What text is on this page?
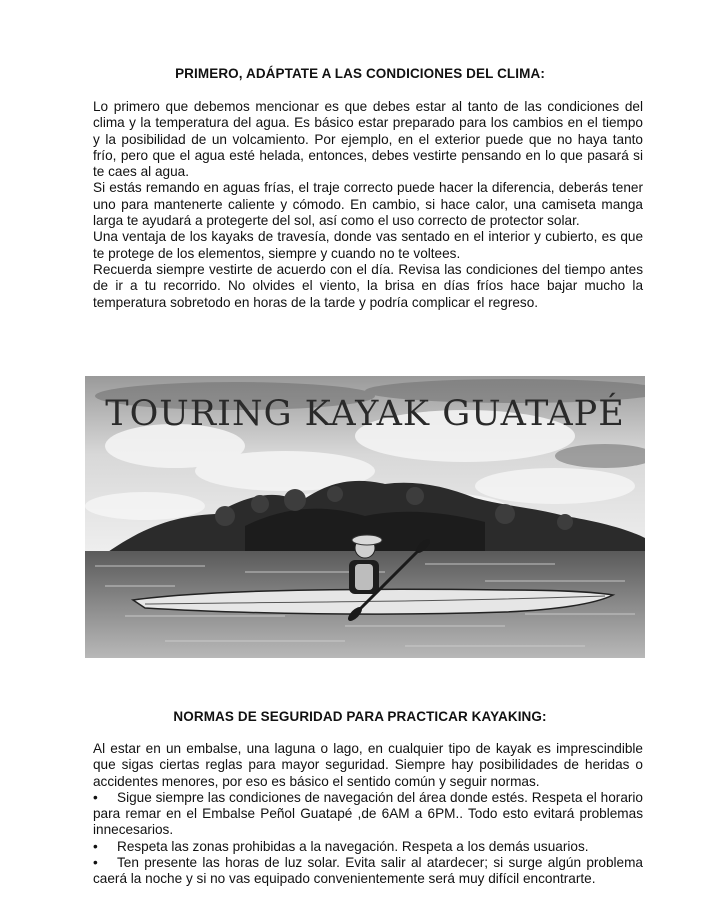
PRIMERO, ADÁPTATE A LAS CONDICIONES DEL CLIMA:

Lo primero que debemos mencionar es que debes estar al tanto de las condiciones del clima y la temperatura del agua. Es básico estar preparado para los cambios en el tiempo y la posibilidad de un volcamiento. Por ejemplo, en el exterior puede que no haya tanto frío, pero que el agua esté helada, entonces, debes vestirte pensando en lo que pasará si te caes al agua.

Si estás remando en aguas frías, el traje correcto puede hacer la diferencia, deberás tener uno para mantenerte caliente y cómodo. En cambio, si hace calor, una camiseta manga larga te ayudará a protegerte del sol, así como el uso correcto de protector solar.

Una ventaja de los kayaks de travesía, donde vas sentado en el interior y cubierto, es que te protege de los elementos, siempre y cuando no te voltees.

Recuerda siempre vestirte de acuerdo con el día. Revisa las condiciones del tiempo antes de ir a tu recorrido. No olvides el viento, la brisa en días fríos hace bajar mucho la temperatura sobretodo en horas de la tarde y podría complicar el regreso.

TOURING KAYAK GUATAPÉ
NORMAS DE SEGURIDAD PARA PRACTICAR KAYAKING:

Al estar en un embalse, una laguna o lago, en cualquier tipo de kayak es imprescindible que sigas ciertas reglas para mayor seguridad. Siempre hay posibilidades de heridas o accidentes menores, por eso es básico el sentido común y seguir normas.

• Sigue siempre las condiciones de navegación del área donde estés. Respeta el horario para remar en el Embalse Peñol Guatapé ,de 6AM a 6PM.. Todo esto evitará problemas innecesarios.

• Respeta las zonas prohibidas a la navegación. Respeta a los demás usuarios.

• Ten presente las horas de luz solar. Evita salir al atardecer; si surge algún problema caerá la noche y si no vas equipado convenientemente será muy difícil encontrarte.
